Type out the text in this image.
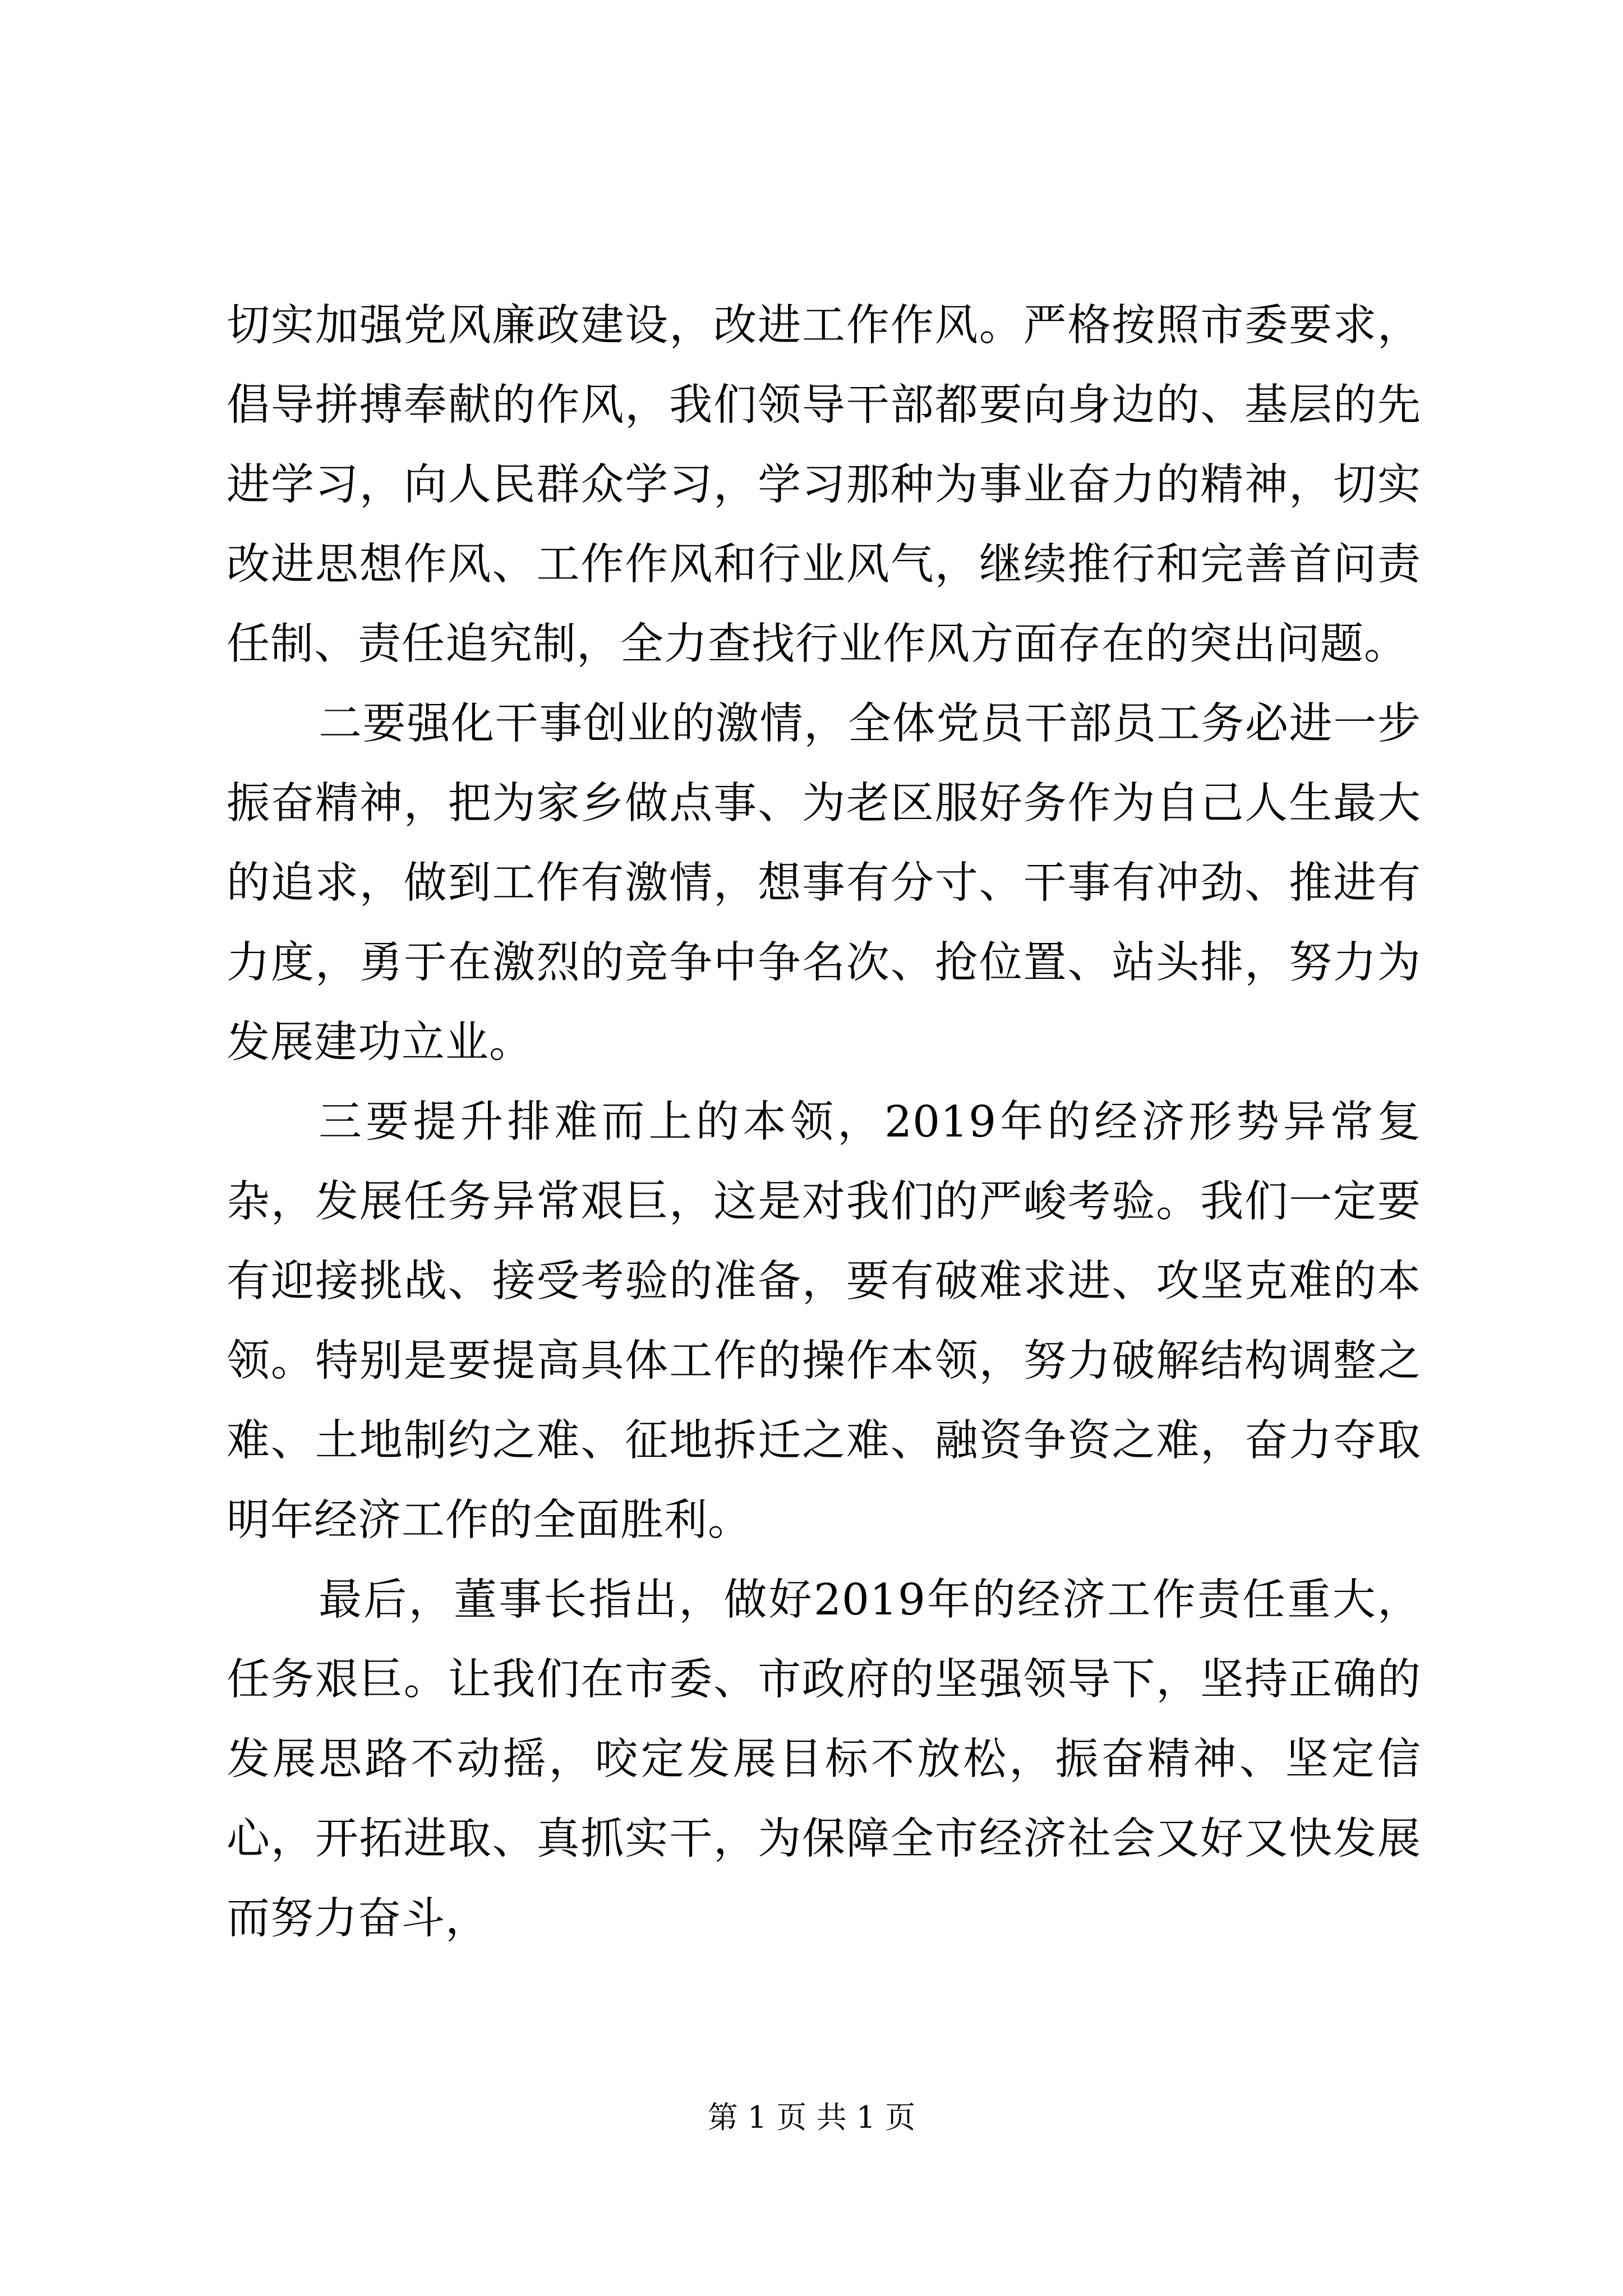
切实加强党风廉政建设，改进工作作风。严格按照市委要求，倡导拼搏奉献的作风，我们领导干部都要向身边的、基层的先进学习，向人民群众学习，学习那种为事业奋力的精神，切实改进思想作风、工作作风和行业风气，继续推行和完善首问责任制、责任追究制，全力查找行业作风方面存在的突出问题。

二要强化干事创业的激情，全体党员干部员工务必进一步振奋精神，把为家乡做点事、为老区服好务作为自己人生最大的追求，做到工作有激情，想事有分寸、干事有冲劲、推进有力度，勇于在激烈的竞争中争名次、抢位置、站头排，努力为发展建功立业。

三要提升排难而上的本领，2019年的经济形势异常复杂，发展任务异常艰巨，这是对我们的严峻考验。我们一定要有迎接挑战、接受考验的准备，要有破难求进、攻坚克难的本领。特别是要提高具体工作的操作本领，努力破解结构调整之难、土地制约之难、征地拆迁之难、融资争资之难，奋力夺取明年经济工作的全面胜利。

最后，董事长指出，做好2019年的经济工作责任重大，任务艰巨。让我们在市委、市政府的坚强领导下，坚持正确的发展思路不动摇，咬定发展目标不放松，振奋精神、坚定信心，开拓进取、真抓实干，为保障全市经济社会又好又快发展而努力奋斗，

第 1 页 共 1 页
